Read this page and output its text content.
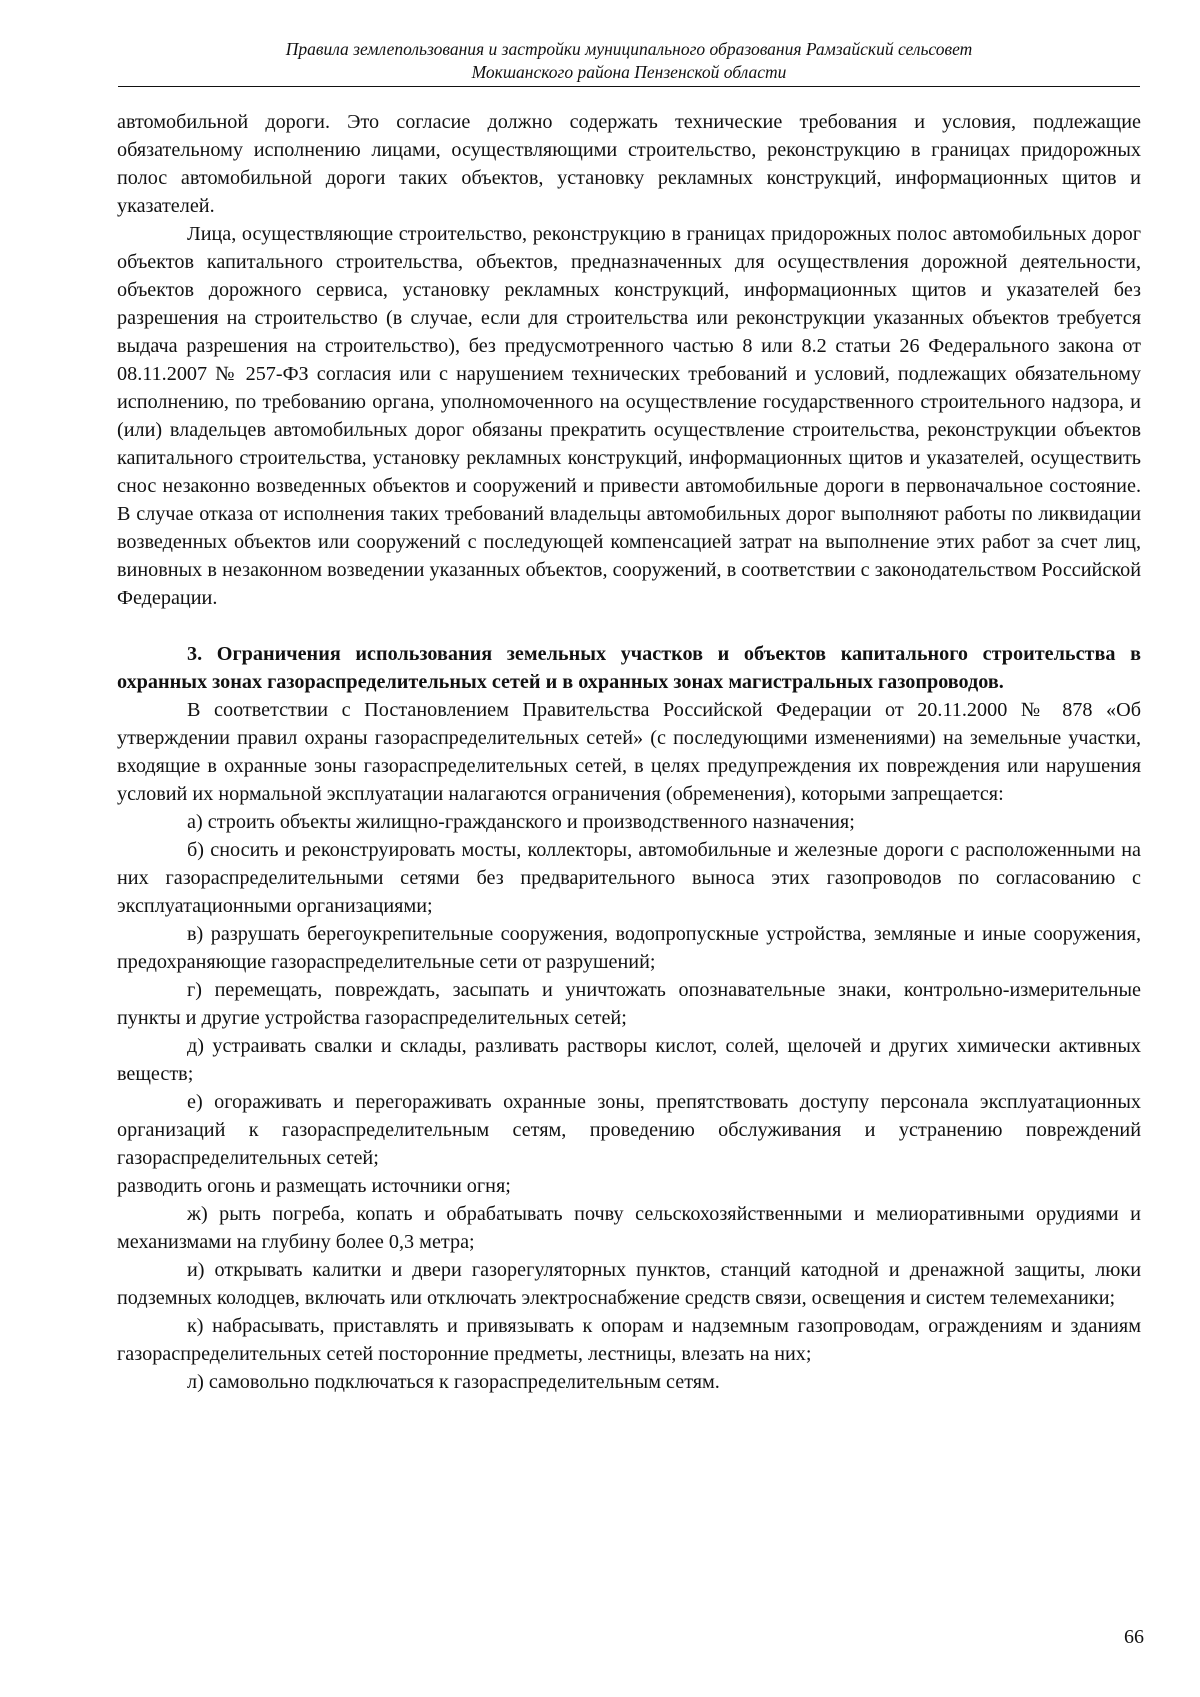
Правила землепользования и застройки муниципального образования Рамзайский сельсовет
Мокшанского района Пензенской области

автомобильной дороги. Это согласие должно содержать технические требования и условия, подлежащие обязательному исполнению лицами, осуществляющими строительство, реконструкцию в границах придорожных полос автомобильной дороги таких объектов, установку рекламных конструкций, информационных щитов и указателей.

Лица, осуществляющие строительство, реконструкцию в границах придорожных полос автомобильных дорог объектов капитального строительства, объектов, предназначенных для осуществления дорожной деятельности, объектов дорожного сервиса, установку рекламных конструкций, информационных щитов и указателей без разрешения на строительство (в случае, если для строительства или реконструкции указанных объектов требуется выдача разрешения на строительство), без предусмотренного частью 8 или 8.2 статьи 26 Федерального закона от 08.11.2007 № 257-ФЗ согласия или с нарушением технических требований и условий, подлежащих обязательному исполнению, по требованию органа, уполномоченного на осуществление государственного строительного надзора, и (или) владельцев автомобильных дорог обязаны прекратить осуществление строительства, реконструкции объектов капитального строительства, установку рекламных конструкций, информационных щитов и указателей, осуществить снос незаконно возведенных объектов и сооружений и привести автомобильные дороги в первоначальное состояние. В случае отказа от исполнения таких требований владельцы автомобильных дорог выполняют работы по ликвидации возведенных объектов или сооружений с последующей компенсацией затрат на выполнение этих работ за счет лиц, виновных в незаконном возведении указанных объектов, сооружений, в соответствии с законодательством Российской Федерации.

3. Ограничения использования земельных участков и объектов капитального строительства в охранных зонах газораспределительных сетей и в охранных зонах магистральных газопроводов.

В соответствии с Постановлением Правительства Российской Федерации от 20.11.2000 № 878 «Об утверждении правил охраны газораспределительных сетей» (с последующими изменениями) на земельные участки, входящие в охранные зоны газораспределительных сетей, в целях предупреждения их повреждения или нарушения условий их нормальной эксплуатации налагаются ограничения (обременения), которыми запрещается:

а) строить объекты жилищно-гражданского и производственного назначения;

б) сносить и реконструировать мосты, коллекторы, автомобильные и железные дороги с расположенными на них газораспределительными сетями без предварительного выноса этих газопроводов по согласованию с эксплуатационными организациями;

в) разрушать берегоукрепительные сооружения, водопропускные устройства, земляные и иные сооружения, предохраняющие газораспределительные сети от разрушений;

г) перемещать, повреждать, засыпать и уничтожать опознавательные знаки, контрольно-измерительные пункты и другие устройства газораспределительных сетей;

д) устраивать свалки и склады, разливать растворы кислот, солей, щелочей и других химически активных веществ;

е) огораживать и перегораживать охранные зоны, препятствовать доступу персонала эксплуатационных организаций к газораспределительным сетям, проведению обслуживания и устранению повреждений газораспределительных сетей;

разводить огонь и размещать источники огня;

ж) рыть погреба, копать и обрабатывать почву сельскохозяйственными и мелиоративными орудиями и механизмами на глубину более 0,3 метра;

и) открывать калитки и двери газорегуляторных пунктов, станций катодной и дренажной защиты, люки подземных колодцев, включать или отключать электроснабжение средств связи, освещения и систем телемеханики;

к) набрасывать, приставлять и привязывать к опорам и надземным газопроводам, ограждениям и зданиям газораспределительных сетей посторонние предметы, лестницы, влезать на них;

л) самовольно подключаться к газораспределительным сетям.

66
